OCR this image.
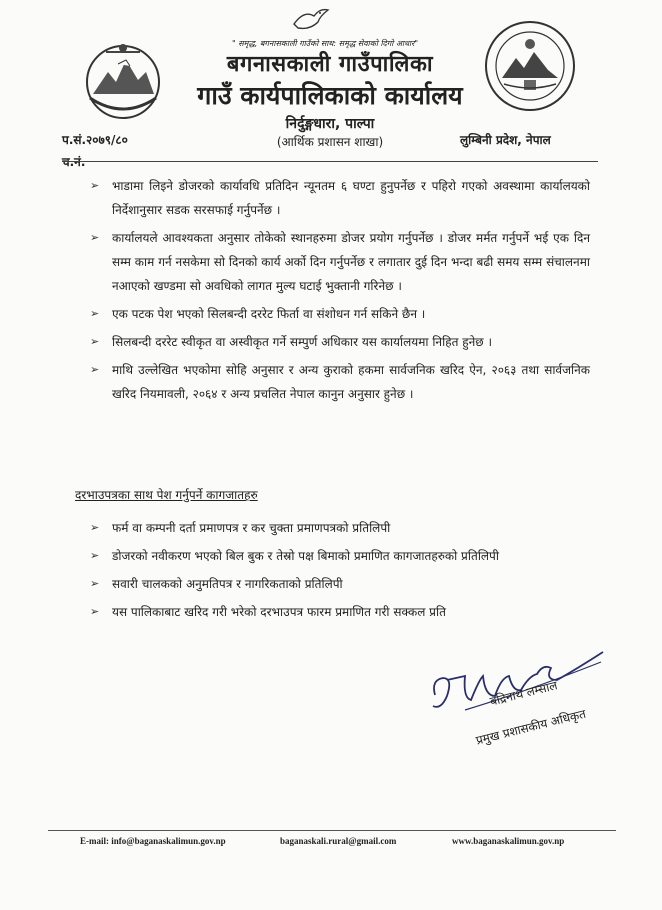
" समृद्ध, बगनासकाली गाउँको साथ: समृद्ध सेवाको दिगो आधार"
बगनासकाली गाउँपालिका
गाउँ कार्यपालिकाको कार्यालय
निर्दुङ्गधारा, पाल्पा
(आर्थिक प्रशासन शाखा)
प.सं.२०७९/८०
च.नं.
लुम्बिनी प्रदेश, नेपाल
➢ भाडामा लिइने डोजरको कार्यावधि प्रतिदिन न्यूनतम ६ घण्टा हुनुपर्नेछ र पहिरो गएको अवस्थामा कार्यालयको निर्देशानुसार सडक सरसफाई गर्नुपर्नेछ ।
➢ कार्यालयले आवश्यकता अनुसार तोकेको स्थानहरुमा डोजर प्रयोग गर्नुपर्नेछ । डोजर मर्मत गर्नुपर्ने भई एक दिन सम्म काम गर्न नसकेमा सो दिनको कार्य अर्को दिन गर्नुपर्नेछ र लगातार दुई दिन भन्दा बढी समय सम्म संचालनमा नआएको खण्डमा सो अवधिको लागत मुल्य घटाई भुक्तानी गरिनेछ ।
➢ एक पटक पेश भएको सिलबन्दी दररेट फिर्ता वा संशोधन गर्न सकिने छैन ।
➢ सिलबन्दी दररेट स्वीकृत वा अस्वीकृत गर्ने सम्पुर्ण अधिकार यस कार्यालयमा निहित हुनेछ ।
➢ माथि उल्लेखित भएकोमा सोहि अनुसार र अन्य कुराको हकमा सार्वजनिक खरिद ऐन, २०६३ तथा सार्वजनिक खरिद नियमावली, २०६४ र अन्य प्रचलित नेपाल कानुन अनुसार हुनेछ ।
दरभाउपत्रका साथ पेश गर्नुपर्ने कागजातहरु
➢ फर्म वा कम्पनी दर्ता प्रमाणपत्र र कर चुक्ता प्रमाणपत्रको प्रतिलिपी
➢ डोजरको नवीकरण भएको बिल बुक र तेस्रो पक्ष बिमाको प्रमाणित कागजातहरुको प्रतिलिपी
➢ सवारी चालकको अनुमतिपत्र र नागरिकताको प्रतिलिपी
➢ यस पालिकाबाट खरिद गरी भरेको दरभाउपत्र फारम प्रमाणित गरी सक्कल प्रति
बद्रिनाथ लम्साल
प्रमुख प्रशासकीय अधिकृत
E-mail: info@baganaskalimun.gov.np	baganaskali.rural@gmail.com	www.baganaskalimun.gov.np
